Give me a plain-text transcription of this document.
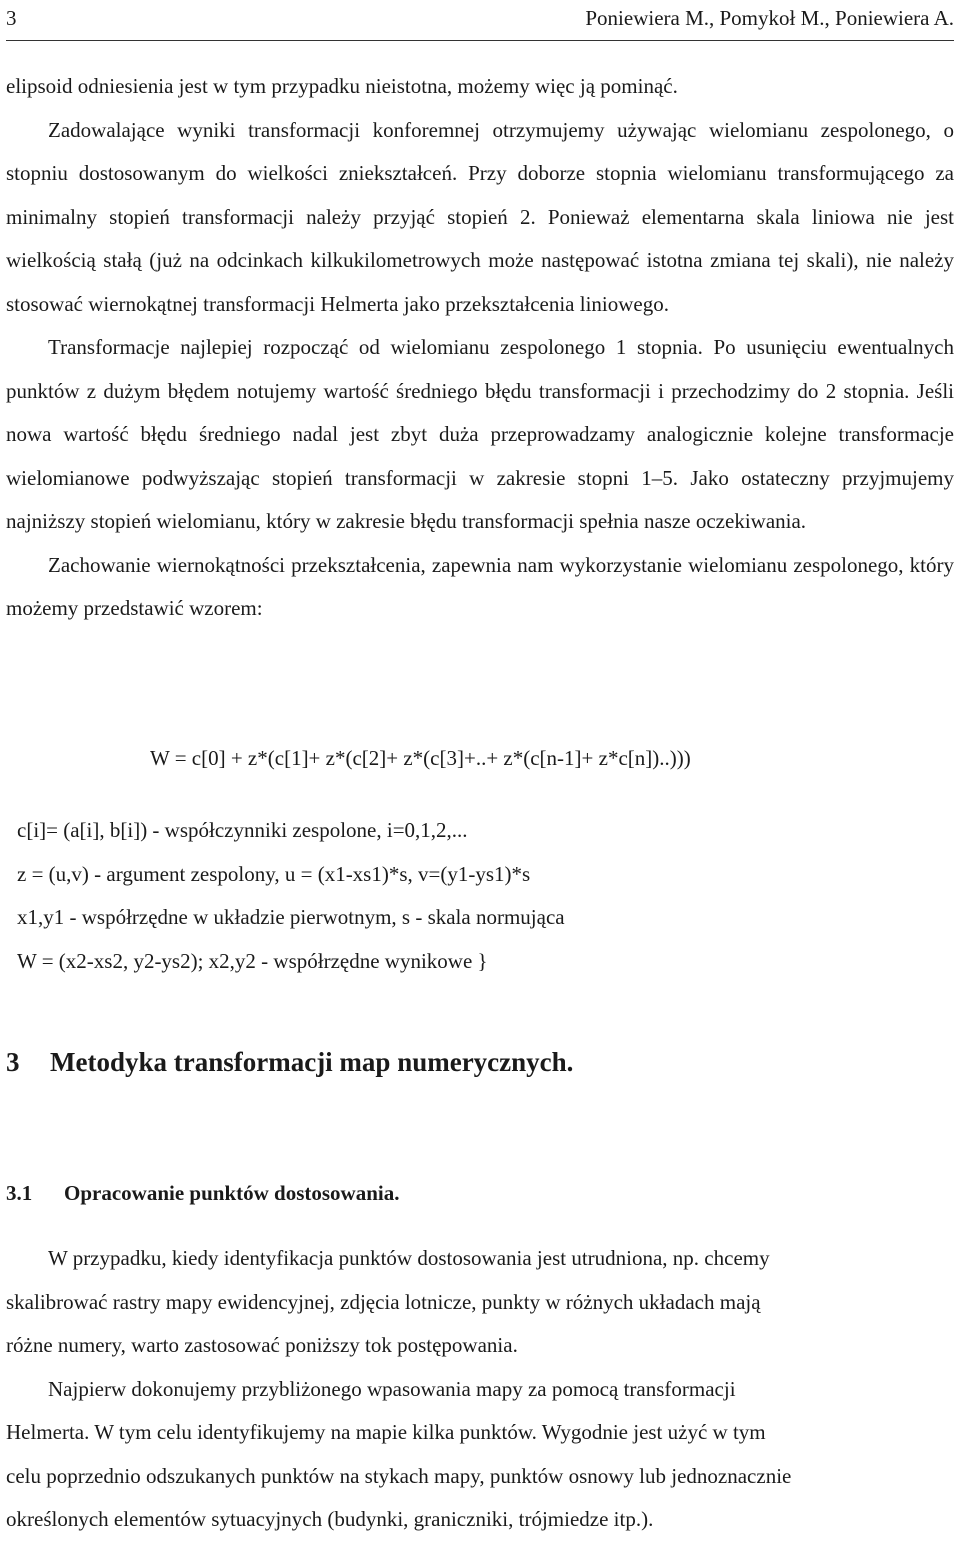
3	Poniewiera M., Pomykoł M., Poniewiera A.

elipsoid odniesienia jest w tym przypadku nieistotna, możemy więc ją pominąć.

Zadowalające wyniki transformacji konforemnej otrzymujemy używając wielomianu zespolonego, o stopniu dostosowanym do wielkości zniekształceń. Przy doborze stopnia wielomianu transformującego za minimalny stopień transformacji należy przyjąć stopień 2. Ponieważ elementarna skala liniowa nie jest wielkością stałą (już na odcinkach kilkukilometrowych może następować istotna zmiana tej skali), nie należy stosować wiernokątnej transformacji Helmerta jako przekształcenia liniowego.

Transformacje najlepiej rozpocząć od wielomianu zespolonego 1 stopnia. Po usunięciu ewentualnych punktów z dużym błędem notujemy wartość średniego błędu transformacji i przechodzimy do 2 stopnia. Jeśli nowa wartość błędu średniego nadal jest zbyt duża przeprowadzamy analogicznie kolejne transformacje wielomianowe podwyższając stopień transformacji w zakresie stopni 1–5. Jako ostateczny przyjmujemy najniższy stopień wielomianu, który w zakresie błędu transformacji spełnia nasze oczekiwania.

Zachowanie wiernokątności przekształcenia, zapewnia nam wykorzystanie wielomianu zespolonego, który możemy przedstawić wzorem:

W = c[0] + z*(c[1]+ z*(c[2]+ z*(c[3]+..+ z*(c[n-1]+ z*c[n])..)))
c[i]= (a[i], b[i]) - współczynniki zespolone, i=0,1,2,...
z = (u,v) - argument zespolony, u = (x1-xs1)*s, v=(y1-ys1)*s
x1,y1 - współrzędne w układzie pierwotnym, s - skala normująca
W = (x2-xs2, y2-ys2); x2,y2 - współrzędne wynikowe }
3 Metodyka transformacji map numerycznych.
3.1 Opracowanie punktów dostosowania.

W przypadku, kiedy identyfikacja punktów dostosowania jest utrudniona, np. chcemy

skalibrować rastry mapy ewidencyjnej, zdjęcia lotnicze, punkty w różnych układach mają

różne numery, warto zastosować poniższy tok postępowania.

Najpierw dokonujemy przybliżonego wpasowania mapy za pomocą transformacji

Helmerta. W tym celu identyfikujemy na mapie kilka punktów. Wygodnie jest użyć w tym

celu poprzednio odszukanych punktów na stykach mapy, punktów osnowy lub jednoznacznie

określonych elementów sytuacyjnych (budynki, graniczniki, trójmiedze itp.).
